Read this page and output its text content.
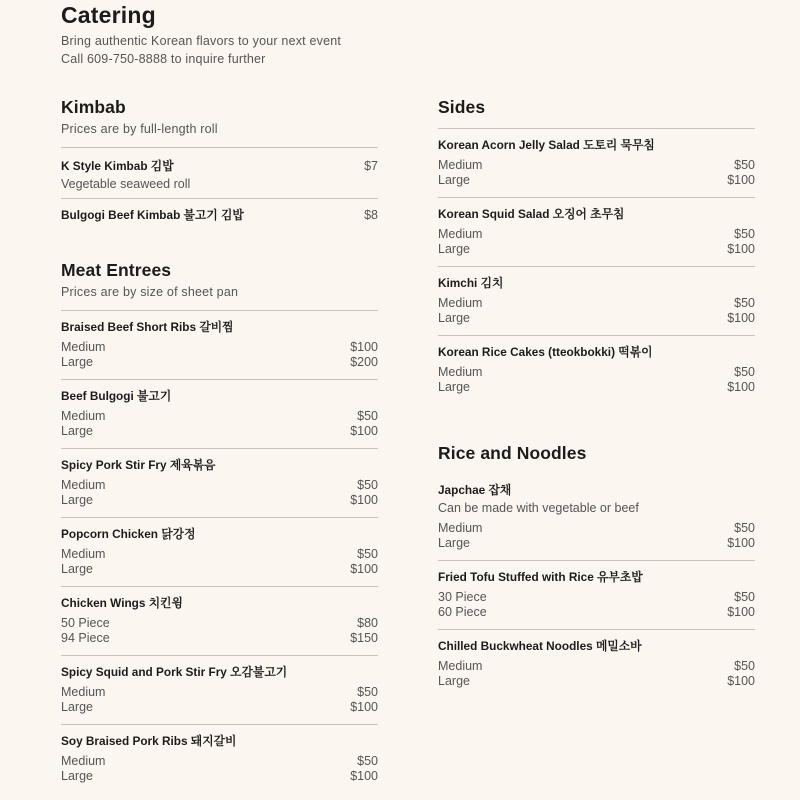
Catering
Bring authentic Korean flavors to your next event
Call 609-750-8888 to inquire further
Kimbab
Prices are by full-length roll
K Style Kimbab 김밥	$7
Vegetable seaweed roll
Bulgogi Beef Kimbab 불고기 김밥	$8
Meat Entrees
Prices are by size of sheet pan
Braised Beef Short Ribs 갈비찜
Medium	$100
Large	$200
Beef Bulgogi 불고기
Medium	$50
Large	$100
Spicy Pork Stir Fry 제육볶음
Medium	$50
Large	$100
Popcorn Chicken 닭강정
Medium	$50
Large	$100
Chicken Wings 치킨윙
50 Piece	$80
94 Piece	$150
Spicy Squid and Pork Stir Fry 오감불고기
Medium	$50
Large	$100
Soy Braised Pork Ribs 돼지갈비
Medium	$50
Large	$100
Sides
Korean Acorn Jelly Salad 도토리 묵무침
Medium	$50
Large	$100
Korean Squid Salad 오징어 초무침
Medium	$50
Large	$100
Kimchi 김치
Medium	$50
Large	$100
Korean Rice Cakes (tteokbokki) 떡볶이
Medium	$50
Large	$100
Rice and Noodles
Japchae 잡채
Can be made with vegetable or beef
Medium	$50
Large	$100
Fried Tofu Stuffed with Rice 유부초밥
30 Piece	$50
60 Piece	$100
Chilled Buckwheat Noodles 메밀소바
Medium	$50
Large	$100
